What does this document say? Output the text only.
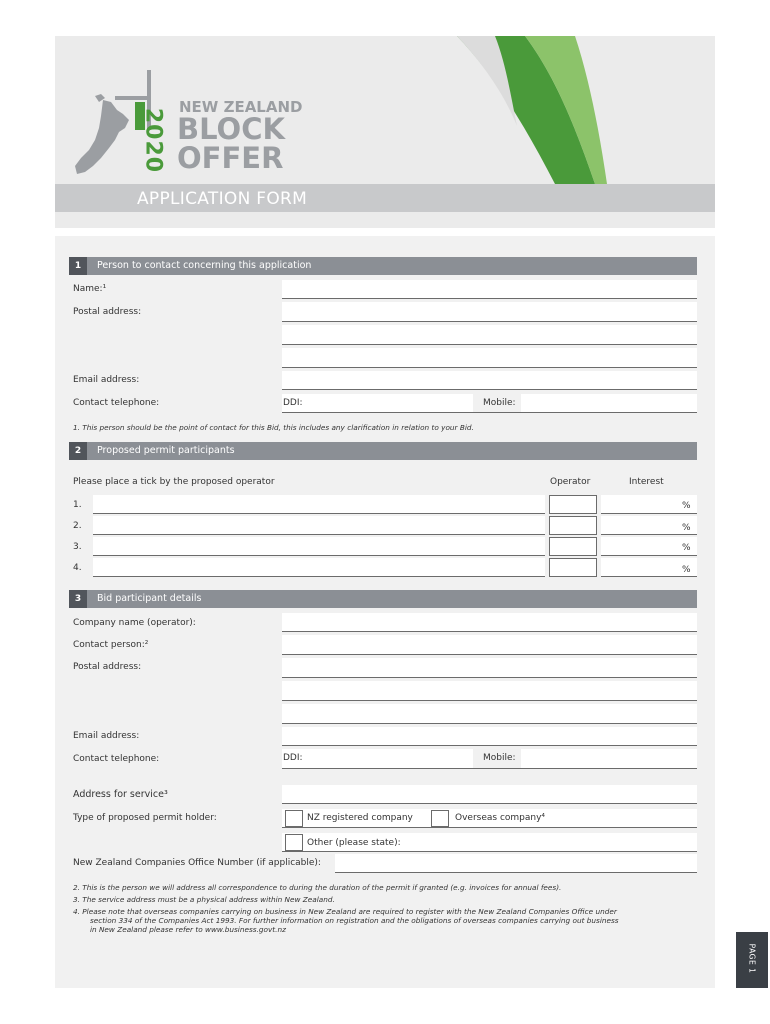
2020
NEW ZEALAND
BLOCK
OFFER
APPLICATION FORM
1	Person to contact concerning this application
Name:¹
Postal address:
Email address:
Contact telephone:	DDI:	Mobile:
1. This person should be the point of contact for this Bid, this includes any clarification in relation to your Bid.
2	Proposed permit participants
Please place a tick by the proposed operator	Operator	Interest
1.	%
2.	%
3.	%
4.	%
3	Bid participant details
Company name (operator):
Contact person:²
Postal address:
Email address:
Contact telephone:	DDI:	Mobile:
Address for service³
Type of proposed permit holder:	NZ registered company	Overseas company⁴
Other (please state):
New Zealand Companies Office Number (if applicable):
2. This is the person we will address all correspondence to during the duration of the permit if granted (e.g. invoices for annual fees).
3. The service address must be a physical address within New Zealand.
4. Please note that overseas companies carrying on business in New Zealand are required to register with the New Zealand Companies Office under
section 334 of the Companies Act 1993. For further information on registration and the obligations of overseas companies carrying out business
in New Zealand please refer to www.business.govt.nz
PAGE 1
